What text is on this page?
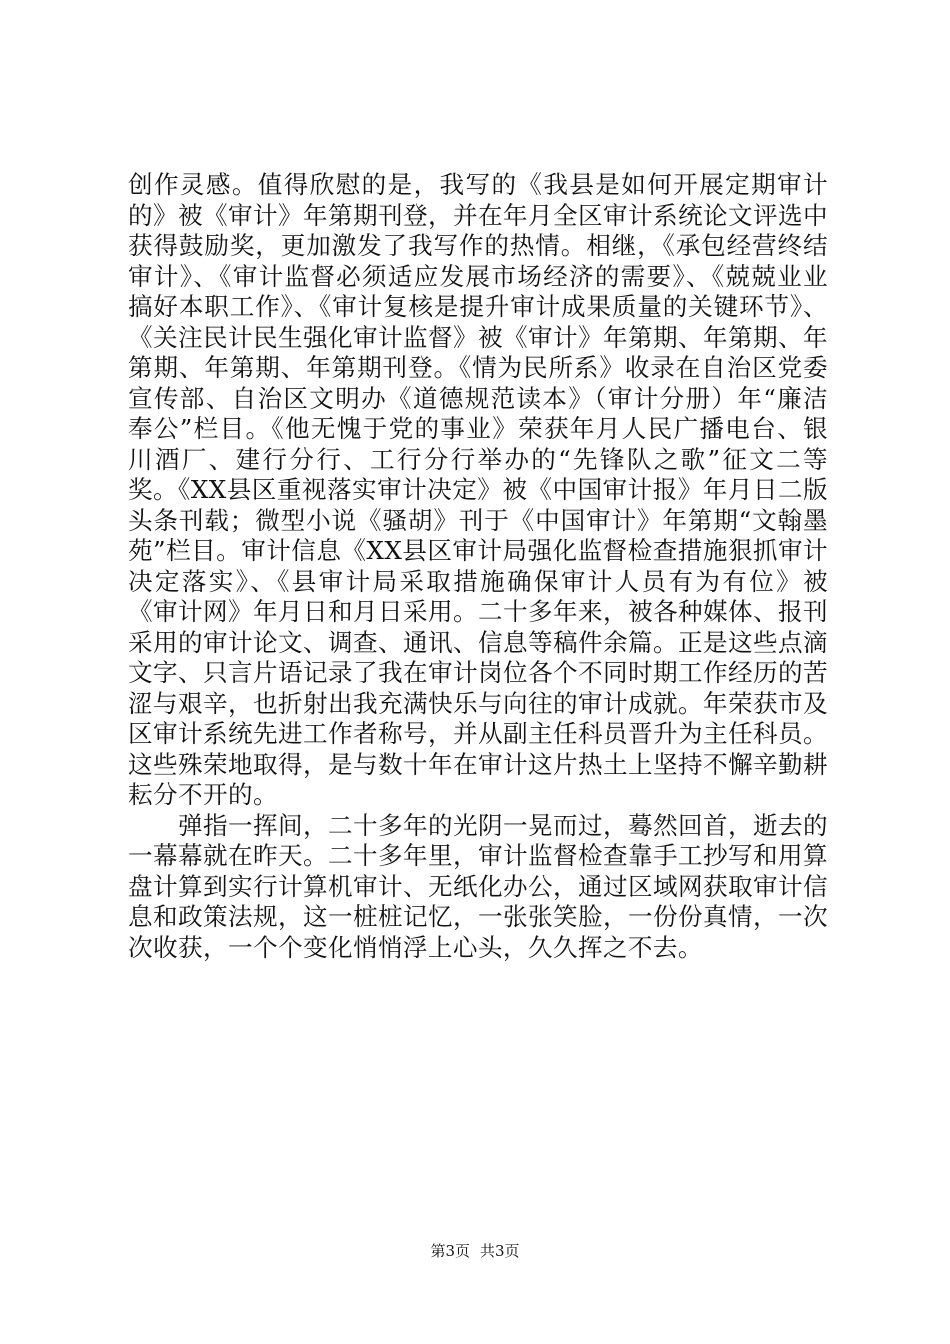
创作灵感。值得欣慰的是，我写的《我县是如何开展定期审计的》被《审计》年第期刊登，并在年月全区审计系统论文评选中获得鼓励奖，更加激发了我写作的热情。相继，《承包经营终结审计》、《审计监督必须适应发展市场经济的需要》、《兢兢业业搞好本职工作》、《审计复核是提升审计成果质量的关键环节》、《关注民计民生强化审计监督》被《审计》年第期、年第期、年第期、年第期、年第期刊登。《情为民所系》收录在自治区党委宣传部、自治区文明办《道德规范读本》（审计分册）年“廉洁奉公”栏目。《他无愧于党的事业》荣获年月人民广播电台、银川酒厂、建行分行、工行分行举办的“先锋队之歌”征文二等奖。《XX县区重视落实审计决定》被《中国审计报》年月日二版头条刊载；微型小说《骚胡》刊于《中国审计》年第期“文翰墨苑”栏目。审计信息《XX县区审计局强化监督检查措施狠抓审计决定落实》、《县审计局采取措施确保审计人员有为有位》被《审计网》年月日和月日采用。二十多年来，被各种媒体、报刊采用的审计论文、调查、通讯、信息等稿件余篇。正是这些点滴文字、只言片语记录了我在审计岗位各个不同时期工作经历的苦涩与艰辛，也折射出我充满快乐与向往的审计成就。年荣获市及区审计系统先进工作者称号，并从副主任科员晋升为主任科员。这些殊荣地取得，是与数十年在审计这片热土上坚持不懈辛勤耕耘分不开的。

弹指一挥间，二十多年的光阴一晃而过，蓦然回首，逝去的一幕幕就在昨天。二十多年里，审计监督检查靠手工抄写和用算盘计算到实行计算机审计、无纸化办公，通过区域网获取审计信息和政策法规，这一桩桩记忆，一张张笑脸，一份份真情，一次次收获，一个个变化悄悄浮上心头，久久挥之不去。

第3页 共3页
